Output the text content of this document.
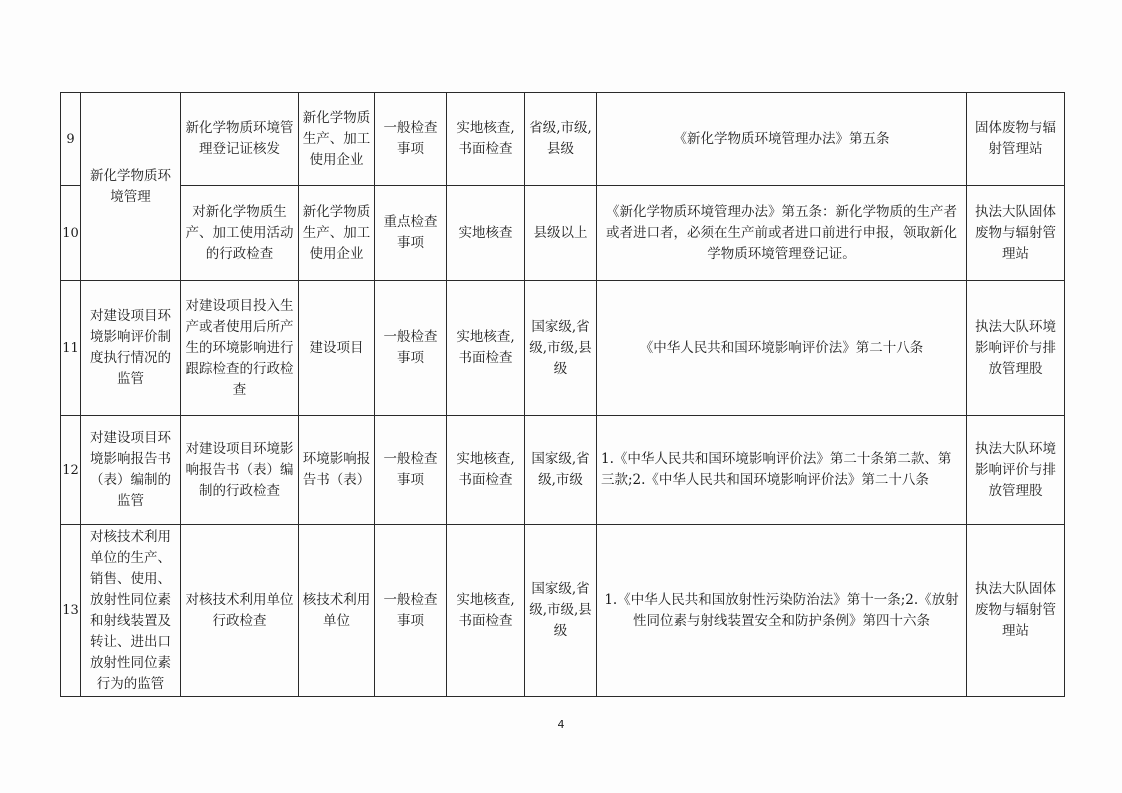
9	新化学物质环境管理	新化学物质环境管理登记证核发	新化学物质生产、加工使用企业	一般检查事项	实地核查,书面检查	省级,市级,县级	《新化学物质环境管理办法》第五条	固体废物与辐射管理站
10		对新化学物质生产、加工使用活动的行政检查	新化学物质生产、加工使用企业	重点检查事项	实地核查	县级以上	《新化学物质环境管理办法》第五条：新化学物质的生产者或者进口者，必须在生产前或者进口前进行申报，领取新化学物质环境管理登记证。	执法大队固体废物与辐射管理站
11	对建设项目环境影响评价制度执行情况的监管	对建设项目投入生产或者使用后所产生的环境影响进行跟踪检查的行政检查	建设项目	一般检查事项	实地核查,书面检查	国家级,省级,市级,县级	《中华人民共和国环境影响评价法》第二十八条	执法大队环境影响评价与排放管理股
12	对建设项目环境影响报告书（表）编制的监管	对建设项目环境影响报告书（表）编制的行政检查	环境影响报告书（表）	一般检查事项	实地核查,书面检查	国家级,省级,市级	1.《中华人民共和国环境影响评价法》第二十条第二款、第三款;2.《中华人民共和国环境影响评价法》第二十八条	执法大队环境影响评价与排放管理股
13	对核技术利用单位的生产、销售、使用、放射性同位素和射线装置及转让、进出口放射性同位素行为的监管	对核技术利用单位行政检查	核技术利用单位	一般检查事项	实地核查,书面检查	国家级,省级,市级,县级	1.《中华人民共和国放射性污染防治法》第十一条;2.《放射性同位素与射线装置安全和防护条例》第四十六条	执法大队固体废物与辐射管理站
4
